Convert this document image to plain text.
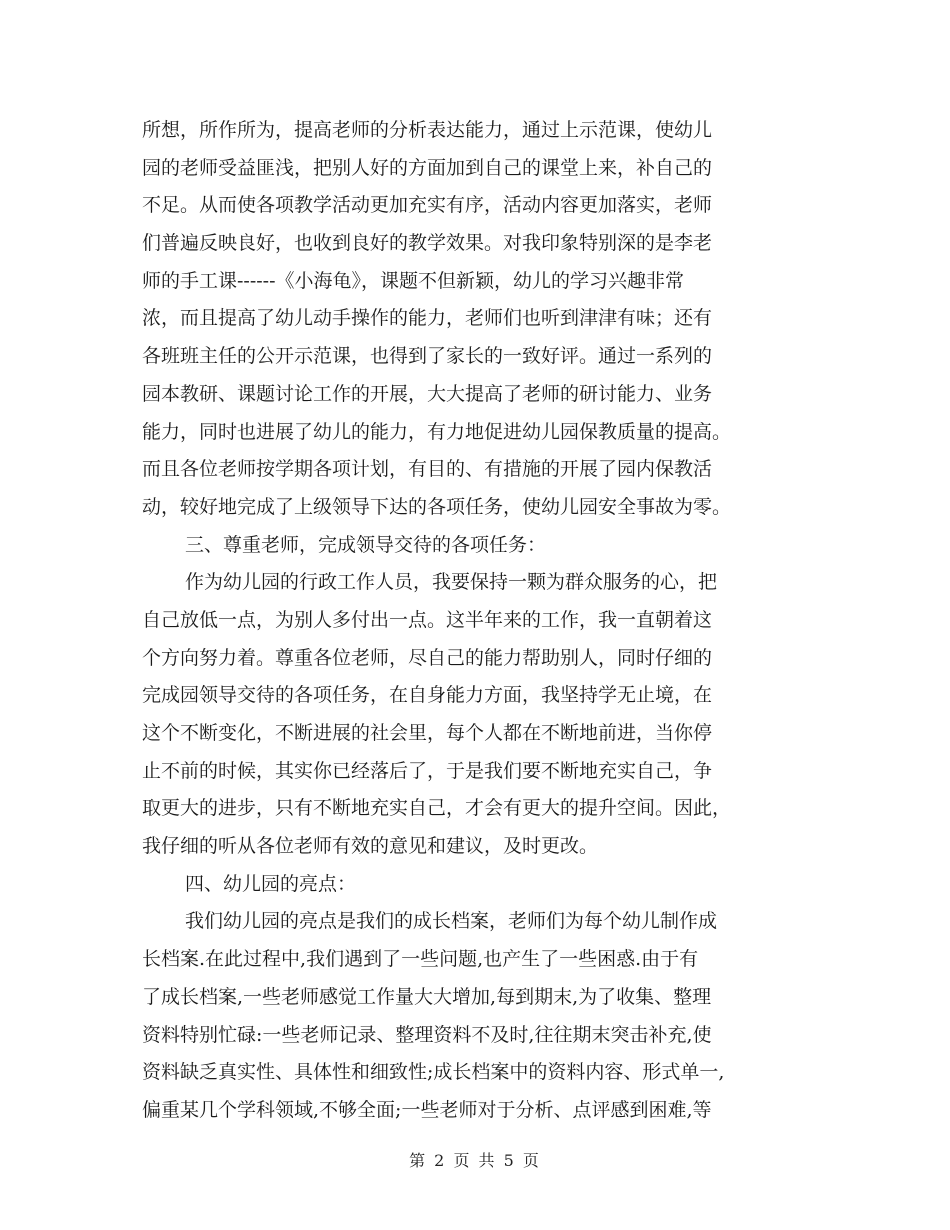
所想，所作所为，提高老师的分析表达能力，通过上示范课，使幼儿
园的老师受益匪浅，把别人好的方面加到自己的课堂上来，补自己的
不足。从而使各项教学活动更加充实有序，活动内容更加落实，老师
们普遍反映良好，也收到良好的教学效果。对我印象特别深的是李老
师的手工课------《小海龟》，课题不但新颖，幼儿的学习兴趣非常
浓，而且提高了幼儿动手操作的能力，老师们也听到津津有味；还有
各班班主任的公开示范课，也得到了家长的一致好评。通过一系列的
园本教研、课题讨论工作的开展，大大提高了老师的研讨能力、业务
能力，同时也进展了幼儿的能力，有力地促进幼儿园保教质量的提高。
而且各位老师按学期各项计划，有目的、有措施的开展了园内保教活
动，较好地完成了上级领导下达的各项任务，使幼儿园安全事故为零。
三、尊重老师，完成领导交待的各项任务：
作为幼儿园的行政工作人员，我要保持一颗为群众服务的心，把
自己放低一点，为别人多付出一点。这半年来的工作，我一直朝着这
个方向努力着。尊重各位老师，尽自己的能力帮助别人，同时仔细的
完成园领导交待的各项任务，在自身能力方面，我坚持学无止境，在
这个不断变化，不断进展的社会里，每个人都在不断地前进，当你停
止不前的时候，其实你已经落后了，于是我们要不断地充实自己，争
取更大的进步，只有不断地充实自己，才会有更大的提升空间。因此，
我仔细的听从各位老师有效的意见和建议，及时更改。
四、幼儿园的亮点：
我们幼儿园的亮点是我们的成长档案，老师们为每个幼儿制作成
长档案.在此过程中,我们遇到了一些问题,也产生了一些困惑.由于有
了成长档案,一些老师感觉工作量大大增加,每到期末,为了收集、整理
资料特别忙碌:一些老师记录、整理资料不及时,往往期末突击补充,使
资料缺乏真实性、具体性和细致性;成长档案中的资料内容、形式单一,
偏重某几个学科领域,不够全面;一些老师对于分析、点评感到困难,等
第 2 页 共 5 页
